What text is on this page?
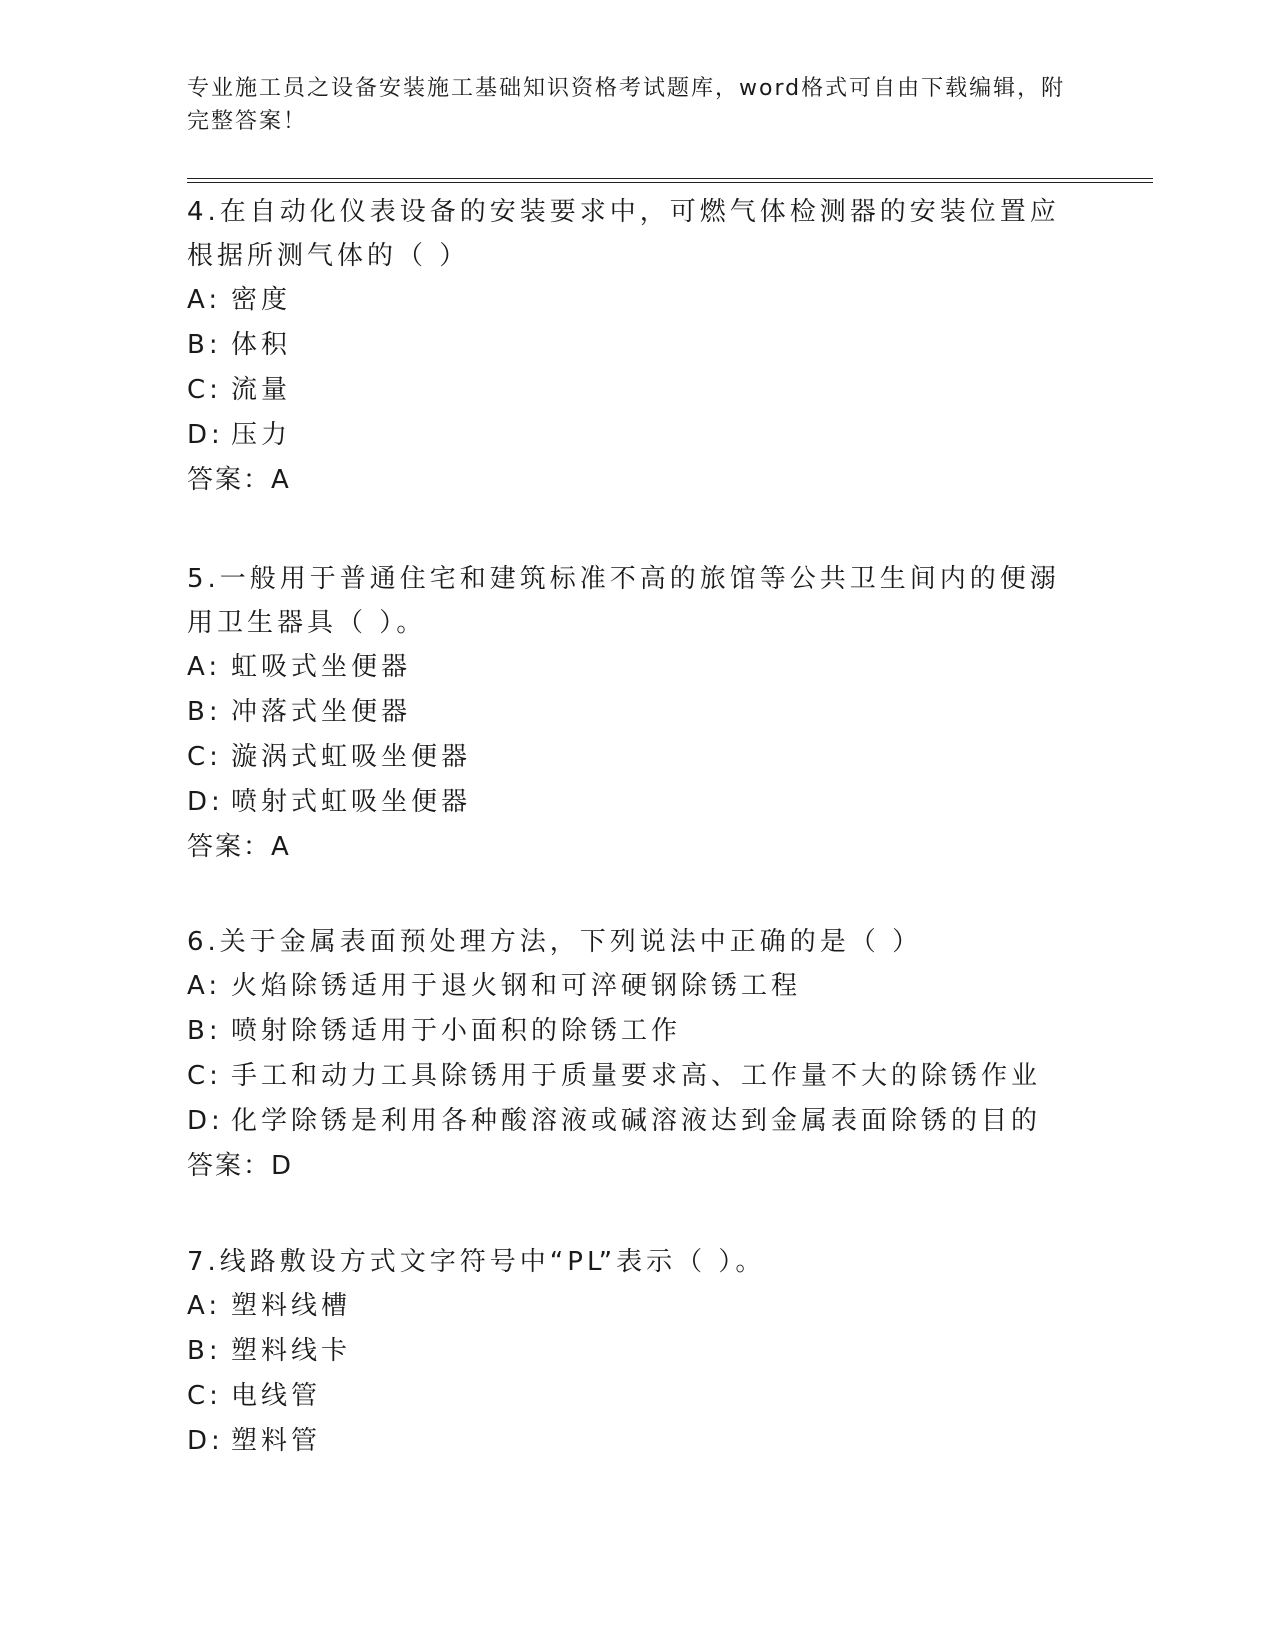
专业施工员之设备安装施工基础知识资格考试题库，word格式可自由下载编辑，附完整答案！
4.在自动化仪表设备的安装要求中，可燃气体检测器的安装位置应根据所测气体的（ ）
A: 密度
B: 体积
C: 流量
D: 压力
答案：A
5.一般用于普通住宅和建筑标准不高的旅馆等公共卫生间内的便溺用卫生器具（ ）。
A: 虹吸式坐便器
B: 冲落式坐便器
C: 漩涡式虹吸坐便器
D: 喷射式虹吸坐便器
答案：A
6.关于金属表面预处理方法，下列说法中正确的是（ ）
A: 火焰除锈适用于退火钢和可淬硬钢除锈工程
B: 喷射除锈适用于小面积的除锈工作
C: 手工和动力工具除锈用于质量要求高、工作量不大的除锈作业
D: 化学除锈是利用各种酸溶液或碱溶液达到金属表面除锈的目的
答案：D
7.线路敷设方式文字符号中“PL”表示（ ）。
A: 塑料线槽
B: 塑料线卡
C: 电线管
D: 塑料管
